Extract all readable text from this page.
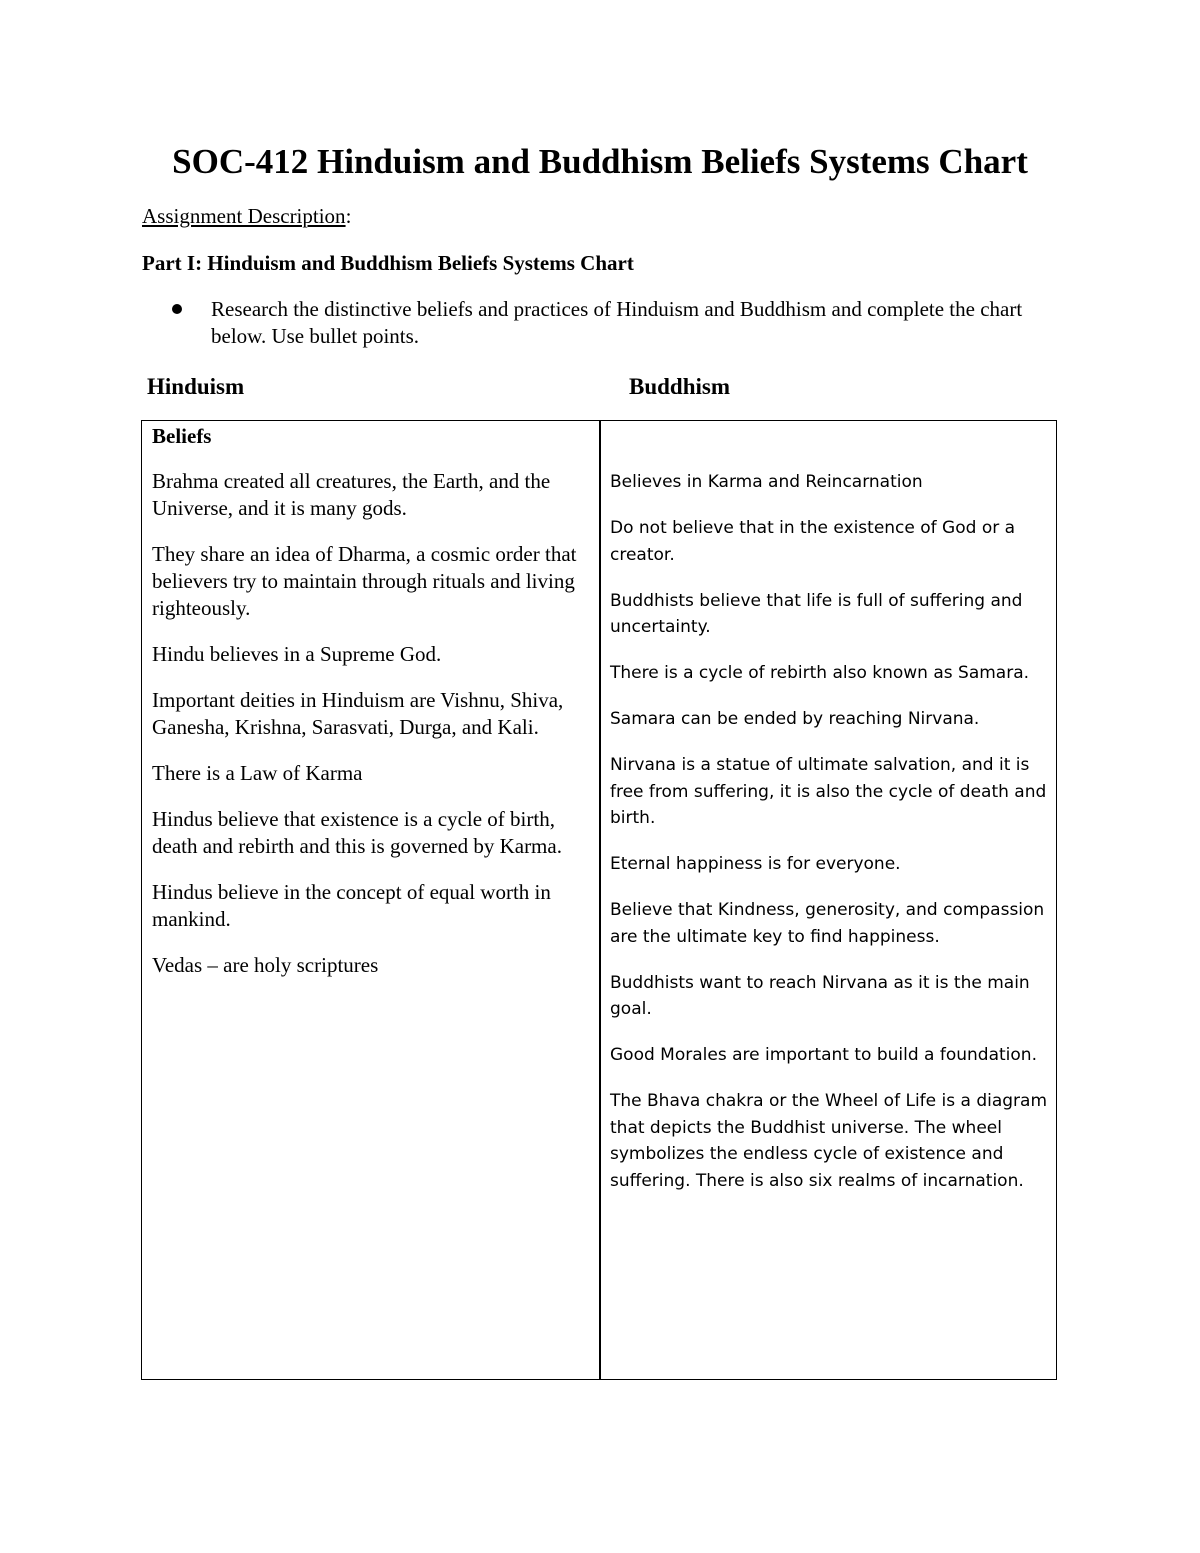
SOC-412 Hinduism and Buddhism Beliefs Systems Chart
Assignment Description:
Part I: Hinduism and Buddhism Beliefs Systems Chart
Research the distinctive beliefs and practices of Hinduism and Buddhism and complete the chart below. Use bullet points.
Hinduism	Buddhism

Beliefs

Brahma created all creatures, the Earth, and the Universe, and it is many gods.

They share an idea of Dharma, a cosmic order that believers try to maintain through rituals and living righteously.

Hindu believes in a Supreme God.

Important deities in Hinduism are Vishnu, Shiva, Ganesha, Krishna, Sarasvati, Durga, and Kali.

There is a Law of Karma

Hindus believe that existence is a cycle of birth, death and rebirth and this is governed by Karma.

Hindus believe in the concept of equal worth in mankind.

Vedas – are holy scriptures

Believes in Karma and Reincarnation

Do not believe that in the existence of God or a creator.

Buddhists believe that life is full of suffering and uncertainty.

There is a cycle of rebirth also known as Samara.

Samara can be ended by reaching Nirvana.

Nirvana is a statue of ultimate salvation, and it is free from suffering, it is also the cycle of death and birth.

Eternal happiness is for everyone.

Believe that Kindness, generosity, and compassion are the ultimate key to find happiness.

Buddhists want to reach Nirvana as it is the main goal.

Good Morales are important to build a foundation.

The Bhava chakra or the Wheel of Life is a diagram that depicts the Buddhist universe. The wheel symbolizes the endless cycle of existence and suffering. There is also six realms of incarnation.
